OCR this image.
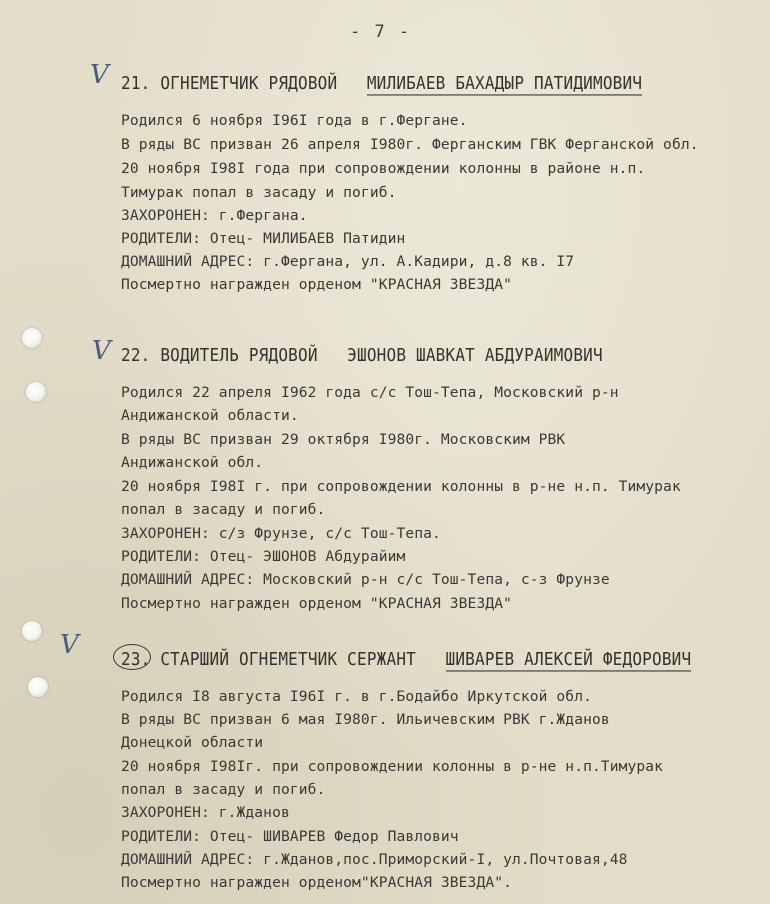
- 7 -
V 21. ОГНЕМЕТЧИК РЯДОВОЙ МИЛИБАЕВ БАХАДЫР ПАТИДИМОВИЧ
Родился 6 ноября I96I года в г.Фергане.
В ряды ВС призван 26 апреля I980г. Ферганским ГВК Ферганской обл.
20 ноября I98I года при сопровождении колонны в районе н.п.
Тимурак попал в засаду и погиб.
ЗАХОРОНЕН: г.Фергана.
РОДИТЕЛИ: Отец- МИЛИБАЕВ Патидин
ДОМАШНИЙ АДРЕС: г.Фергана, ул. А.Кадири, д.8 кв. I7
Посмертно награжден орденом "КРАСНАЯ ЗВЕЗДА"
V 22. ВОДИТЕЛЬ РЯДОВОЙ ЭШОНОВ ШАВКАТ АБДУРАИМОВИЧ
Родился 22 апреля I962 года с/с Тош-Тепа, Московский р-н
Андижанской области.
В ряды ВС призван 29 октября I980г. Московским РВК
Андижанской обл.
20 ноября I98I г. при сопровождении колонны в р-не н.п. Тимурак
попал в засаду и погиб.
ЗАХОРОНЕН: с/з Фрунзе, с/с Тош-Тепа.
РОДИТЕЛИ: Отец- ЭШОНОВ Абдурайим
ДОМАШНИЙ АДРЕС: Московский р-н с/с Тош-Тепа, с-з Фрунзе
Посмертно награжден орденом "КРАСНАЯ ЗВЕЗДА"
V	23. СТАРШИЙ ОГНЕМЕТЧИК СЕРЖАНТ ШИВАРЕВ АЛЕКСЕЙ ФЕДОРОВИЧ
Родился I8 августа I96I г. в г.Бодайбо Иркутской обл.
В ряды ВС призван 6 мая I980г. Ильичевским РВК г.Жданов
Донецкой области
20 ноября I98Iг. при сопровождении колонны в р-не н.п.Тимурак
попал в засаду и погиб.
ЗАХОРОНЕН: г.Жданов
РОДИТЕЛИ: Отец- ШИВАРЕВ Федор Павлович
ДОМАШНИЙ АДРЕС: г.Жданов,пос.Приморский-I, ул.Почтовая,48
Посмертно награжден орденом"КРАСНАЯ ЗВЕЗДА".
